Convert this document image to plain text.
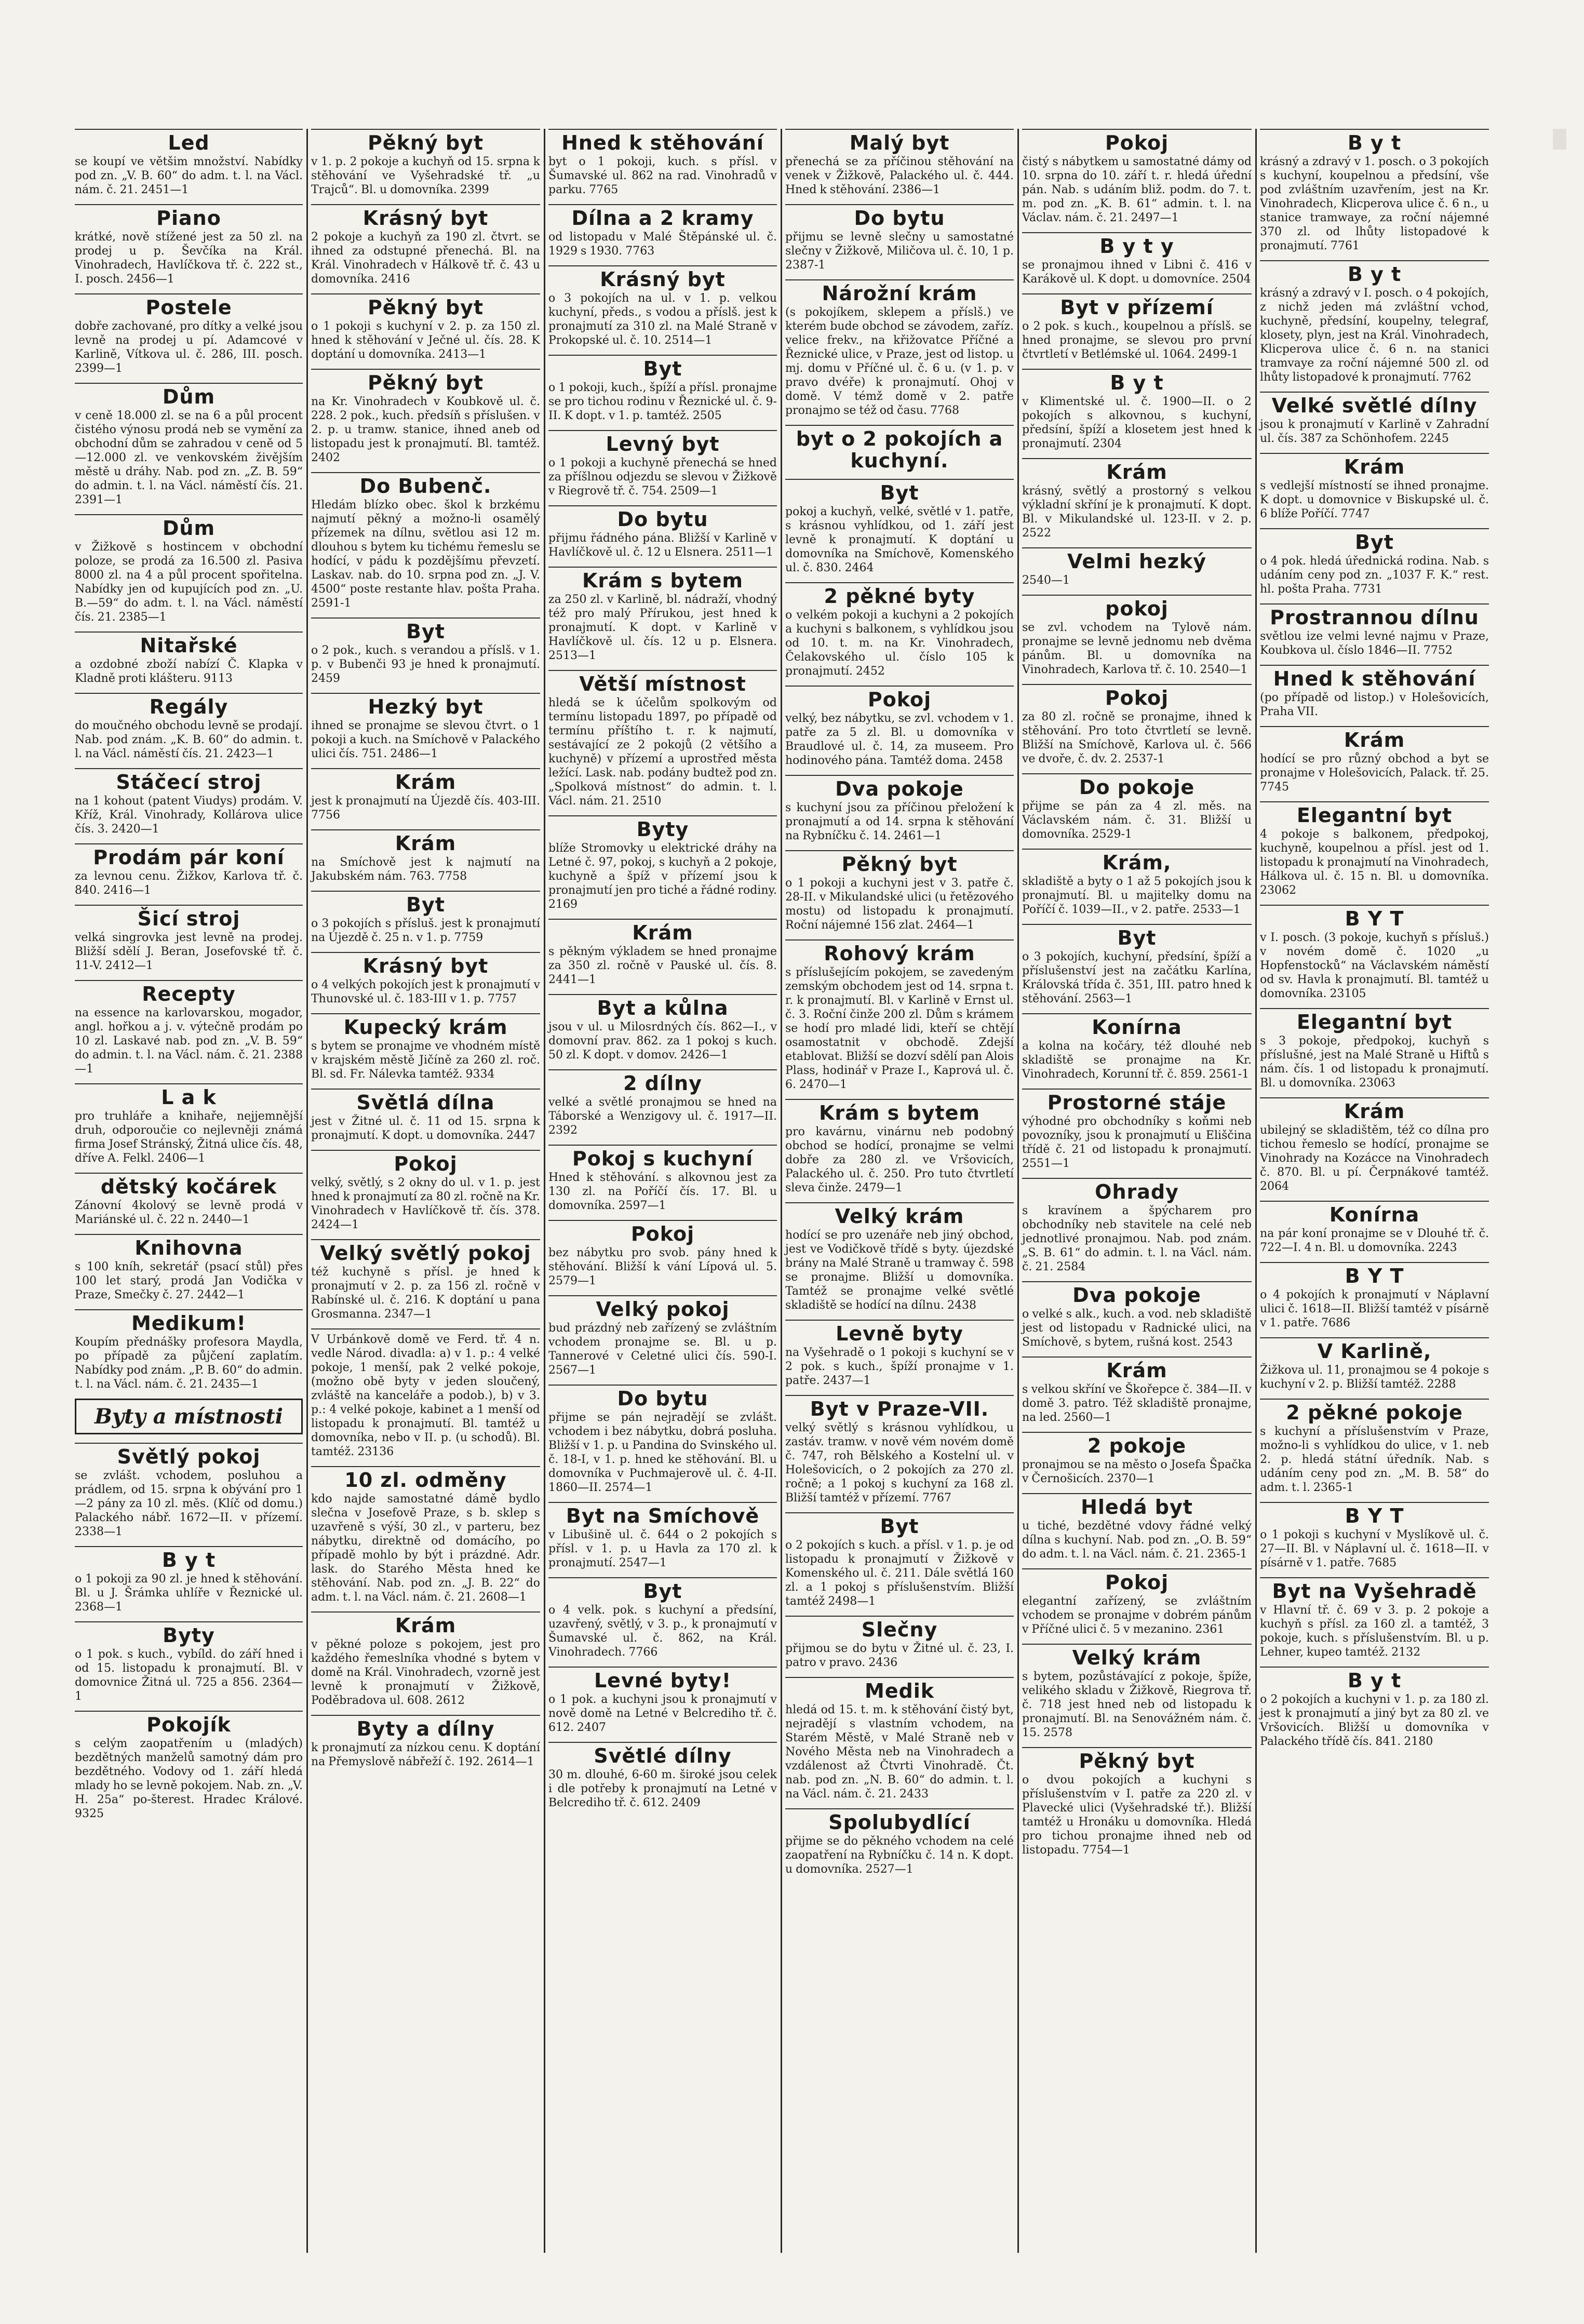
Led
se koupí ve většim množství. Nabídky pod zn. „V. B. 60“ do adm. t. l. na Václ. nám. č. 21. 2451—1
Piano
krátké, nově stížené jest za 50 zl. na prodej u p. Ševčíka na Král. Vinohradech, Havlíčkova tř. č. 222 st., I. posch. 2456—1
Postele
dobře zachované, pro dítky a velké jsou levně na prodej u pí. Adamcové v Karlině, Vítkova ul. č. 286, III. posch. 2399—1
Dům
v ceně 18.000 zl. se na 6 a půl procent čistého výnosu prodá neb se vymění za obchodní dům se zahradou v ceně od 5—12.000 zl. ve venkovském živějším městě u dráhy. Nab. pod zn. „Z. B. 59“ do admin. t. l. na Václ. náměstí čís. 21. 2391—1
Dům
v Žižkově s hostincem v obchodní poloze, se prodá za 16.500 zl. Pasiva 8000 zl. na 4 a půl procent spořitelna. Nabídky jen od kupujících pod zn. „U. B.—59“ do adm. t. l. na Václ. náměstí čís. 21. 2385—1
Nitařské
a ozdobné zboží nabízí Č. Klapka v Kladně proti klášteru. 9113
Regály
do moučného obchodu levně se prodají. Nab. pod znám. „K. B. 60“ do admin. t. l. na Václ. náměstí čís. 21. 2423—1
Stáčecí stroj
na 1 kohout (patent Viudys) prodám. V. Kříž, Král. Vinohrady, Kollárova ulice čís. 3. 2420—1
Prodám pár koní
za levnou cenu. Žižkov, Karlova tř. č. 840. 2416—1
Šicí stroj
velká singrovka jest levně na prodej. Bližší sdělí J. Beran, Josefovské tř. č. 11-V. 2412—1
Recepty
na essence na karlovarskou, mogador, angl. hořkou a j. v. výtečně prodám po 10 zl. Laskavé nab. pod zn. „V. B. 59“ do admin. t. l. na Václ. nám. č. 21. 2388—1
L a k
pro truhláře a knihaře, nejjemnější druh, odporoučie co nejlevněji známá firma Josef Stránský, Žitná ulice čís. 48, dříve A. Felkl. 2406—1
dětský kočárek
Zánovní 4kolový se levně prodá v Mariánské ul. č. 22 n. 2440—1
Knihovna
s 100 kníh, sekretář (psací stůl) přes 100 let starý, prodá Jan Vodička v Praze, Smečky č. 27. 2442—1
Medikum!
Koupím přednášky profesora Maydla, po případě za půjčení zaplatím. Nabídky pod znám. „P. B. 60“ do admin. t. l. na Václ. nám. č. 21. 2435—1
Byty a místnosti
Světlý pokoj
se zvlášt. vchodem, posluhou a prádlem, od 15. srpna k obývání pro 1—2 pány za 10 zl. měs. (Klíč od domu.) Palackého nábř. 1672—II. v přízemí. 2338—1
B y t
o 1 pokoji za 90 zl. je hned k stěhování. Bl. u J. Šrámka uhlíře v Řeznické ul. 2368—1
Byty
o 1 pok. s kuch., vybíld. do září hned i od 15. listopadu k pronajmutí. Bl. v domovnice Žitná ul. 725 a 856. 2364—1
Pokojík
s celým zaopatřením u (mladých) bezdětných manželů samotný dám pro bezdětného. Vodovy od 1. září hledá mlady ho se levně pokojem. Nab. zn. „V. H. 25a“ po-šterest. Hradec Králové. 9325
Pěkný byt
v 1. p. 2 pokoje a kuchyň od 15. srpna k stěhování ve Vyšehradské tř. „u Trajců“. Bl. u domovníka. 2399
Krásný byt
2 pokoje a kuchyň za 190 zl. čtvrt. se ihned za odstupné přenechá. Bl. na Král. Vinohradech v Hálkově tř. č. 43 u domovníka. 2416
Pěkný byt
o 1 pokoji s kuchyní v 2. p. za 150 zl. hned k stěhování v Ječné ul. čís. 28. K doptání u domovníka. 2413—1
Pěkný byt
na Kr. Vinohradech v Koubkově ul. č. 228. 2 pok., kuch. předsíň s příslušen. v 2. p. u tramw. stanice, ihned aneb od listopadu jest k pronajmutí. Bl. tamtéž. 2402
Do Bubenč.
Hledám blízko obec. škol k brzkému najmutí pěkný a možno-li osamělý přízemek na dílnu, světlou asi 12 m. dlouhou s bytem ku tichému řemeslu se hodící, v pádu k pozdějšímu převzetí. Laskav. nab. do 10. srpna pod zn. „J. V. 4500“ poste restante hlav. pošta Praha. 2591-1
Byt
o 2 pok., kuch. s verandou a příslš. v 1. p. v Bubenči 93 je hned k pronajmutí. 2459
Hezký byt
ihned se pronajme se slevou čtvrt. o 1 pokoji a kuch. na Smíchově v Palackého ulici čís. 751. 2486—1
Krám
jest k pronajmutí na Újezdě čís. 403-III. 7756
Krám
na Smíchově jest k najmutí na Jakubském nám. 763. 7758
Byt
o 3 pokojích s přísluš. jest k pronajmutí na Újezdě č. 25 n. v 1. p. 7759
Krásný byt
o 4 velkých pokojích jest k pronajmutí v Thunovské ul. č. 183-III v 1. p. 7757
Kupecký krám
s bytem se pronajme ve vhodném místě v krajském městě Jičíně za 260 zl. roč. Bl. sd. Fr. Nálevka tamtéž. 9334
Světlá dílna
jest v Žitné ul. č. 11 od 15. srpna k pronajmutí. K dopt. u domovníka. 2447
Pokoj
velký, světlý, s 2 okny do ul. v 1. p. jest hned k pronajmutí za 80 zl. ročně na Kr. Vinohradech v Havlíčkově tř. čís. 378. 2424—1
Velký světlý pokoj
též kuchyně s přísl. je hned k pronajmutí v 2. p. za 156 zl. ročně v Rabínské ul. č. 216. K doptání u pana Grosmanna. 2347—1
V Urbánkově domě ve Ferd. tř. 4 n. vedle Národ. divadla: a) v 1. p.: 4 velké pokoje, 1 menší, pak 2 velké pokoje, (možno obě byty v jeden sloučený, zvláště na kanceláře a podob.), b) v 3. p.: 4 velké pokoje, kabinet a 1 menší od listopadu k pronajmutí. Bl. tamtéž u domovníka, nebo v II. p. (u schodů). Bl. tamtéž. 23136
10 zl. odměny
kdo najde samostatné dámě bydlo slečna v Josefově Praze, s b. sklep s uzavřeně s výší, 30 zl., v parteru, bez nábytku, direktně od domácího, po případě mohlo by být i prázdné. Adr. lask. do Starého Města hned ke stěhování. Nab. pod zn. „J. B. 22“ do adm. t. l. na Václ. nám. č. 21. 2608—1
Krám
v pěkné poloze s pokojem, jest pro každého řemeslníka vhodné s bytem v domě na Král. Vinohradech, vzorně jest levně k pronajmutí v Žižkově, Poděbradova ul. 608. 2612
Byty a dílny
k pronajmutí za nízkou cenu. K doptání na Přemyslově nábřeží č. 192. 2614—1
Hned k stěhování
byt o 1 pokoji, kuch. s přísl. v Šumavské ul. 862 na rad. Vinohradů v parku. 7765
Dílna a 2 kramy
od listopadu v Malé Štěpánské ul. č. 1929 s 1930. 7763
Krásný byt
o 3 pokojích na ul. v 1. p. velkou kuchyní, předs., s vodou a příslš. jest k pronajmutí za 310 zl. na Malé Straně v Prokopské ul. č. 10. 2514—1
Byt
o 1 pokoji, kuch., špíží a přísl. pronajme se pro tichou rodinu v Řeznické ul. č. 9-II. K dopt. v 1. p. tamtéž. 2505
Levný byt
o 1 pokoji a kuchyně přenechá se hned za příšlnou odjezdu se slevou v Žižkově v Riegrově tř. č. 754. 2509—1
Do bytu
přijmu řádného pána. Bližší v Karlině v Havlíčkově ul. č. 12 u Elsnera. 2511—1
Krám s bytem
za 250 zl. v Karlině, bl. nádraží, vhodný též pro malý Přírukou, jest hned k pronajmutí. K dopt. v Karlině v Havlíčkově ul. čís. 12 u p. Elsnera. 2513—1
Větší místnost
hledá se k účelům spolkovým od termínu listopadu 1897, po případě od termínu příštího t. r. k najmutí, sestávající ze 2 pokojů (2 většího a kuchyně) v přízemí a uprostřed města ležící. Lask. nab. podány budtež pod zn. „Spolková místnost“ do admin. t. l. Václ. nám. 21. 2510
Byty
blíže Stromovky u elektrické dráhy na Letné č. 97, pokoj, s kuchyň a 2 pokoje, kuchyně a špíž v přízemí jsou k pronajmutí jen pro tiché a řádné rodiny. 2169
Krám
s pěkným výkladem se hned pronajme za 350 zl. ročně v Pauské ul. čís. 8. 2441—1
Byt a kůlna
jsou v ul. u Milosrdných čís. 862—I., v domovní prav. 862. za 1 pokoj s kuch. 50 zl. K dopt. v domov. 2426—1
2 dílny
velké a světlé pronajmou se hned na Táborské a Wenzigovy ul. č. 1917—II. 2392
Pokoj s kuchyní
Hned k stěhování. s alkovnou jest za 130 zl. na Poříčí čís. 17. Bl. u domovníka. 2597—1
Pokoj
bez nábytku pro svob. pány hned k stěhování. Bližší k vání Lípová ul. 5. 2579—1
Velký pokoj
bud prázdný neb zařízený se zvláštním vchodem pronajme se. Bl. u p. Tannerové v Celetné ulici čís. 590-I. 2567—1
Do bytu
přijme se pán nejradějí se zvlášt. vchodem i bez nábytku, dobrá posluha. Bližší v 1. p. u Pandina do Svinského ul. č. 18-I, v 1. p. hned ke stěhování. Bl. u domovníka v Puchmajerově ul. č. 4-II. 1860—II. 2574—1
Byt na Smíchově
v Libušině ul. č. 644 o 2 pokojích s přísl. v 1. p. u Havla za 170 zl. k pronajmutí. 2547—1
Byt
o 4 velk. pok. s kuchyní a předsíní, uzavřený, světlý, v 3. p., k pronajmutí v Šumavské ul. č. 862, na Král. Vinohradech. 7766
Levné byty!
o 1 pok. a kuchyni jsou k pronajmutí v nově domě na Letné v Belcrediho tř. č. 612. 2407
Světlé dílny
30 m. dlouhé, 6-60 m. široké jsou celek i dle potřeby k pronajmutí na Letné v Belcrediho tř. č. 612. 2409
Malý byt
přenechá se za příčinou stěhování na venek v Žižkově, Palackého ul. č. 444. Hned k stěhování. 2386—1
Do bytu
přijmu se levně slečny u samostatné slečny v Žižkově, Miličova ul. č. 10, 1 p. 2387-1
Nárožní krám
(s pokojíkem, sklepem a příslš.) ve kterém bude obchod se závodem, zaříz. velice frekv., na křižovatce Příčné a Řeznické ulice, v Praze, jest od listop. u mj. domu v Příčné ul. č. 6 u. (v 1. p. v pravo dvéře) k pronajmutí. Ohoj v domě. V témž domě v 2. patře pronajmo se též od času. 7768
byt o 2 pokojích a kuchyní.
Byt
pokoj a kuchyň, velké, světlé v 1. patře, s krásnou vyhlídkou, od 1. září jest levně k pronajmutí. K doptání u domovníka na Smíchově, Komenského ul. č. 830. 2464
2 pěkné byty
o velkém pokoji a kuchyni a 2 pokojích a kuchyni s balkonem, s vyhlídkou jsou od 10. t. m. na Kr. Vinohradech, Čelakovského ul. číslo 105 k pronajmutí. 2452
Pokoj
velký, bez nábytku, se zvl. vchodem v 1. patře za 5 zl. Bl. u domovníka v Braudlové ul. č. 14, za museem. Pro hodinového pána. Tamtéž doma. 2458
Dva pokoje
s kuchyní jsou za příčinou přeložení k pronajmutí a od 14. srpna k stěhování na Rybníčku č. 14. 2461—1
Pěkný byt
o 1 pokoji a kuchyni jest v 3. patře č. 28-II. v Mikulandské ulici (u řetězového mostu) od listopadu k pronajmutí. Roční nájemné 156 zlat. 2464—1
Rohový krám
s příslušejícím pokojem, se zavedeným zemským obchodem jest od 14. srpna t. r. k pronajmutí. Bl. v Karlině v Ernst ul. č. 3. Roční činže 200 zl. Dům s krámem se hodí pro mladé lidi, kteří se chtějí osamostatnit v obchodě. Zdejší etablovat. Bližší se dozví sdělí pan Alois Plass, hodinář v Praze I., Kaprová ul. č. 6. 2470—1
Krám s bytem
pro kavárnu, vinárnu neb podobný obchod se hodící, pronajme se velmi dobře za 280 zl. ve Vršovicích, Palackého ul. č. 250. Pro tuto čtvrtletí sleva činže. 2479—1
Velký krám
hodící se pro uzenáře neb jiný obchod, jest ve Vodičkově třídě s byty. újezdské brány na Malé Straně u tramway č. 598 se pronajme. Bližší u domovníka. Tamtéž se pronajme velké světlé skladiště se hodící na dílnu. 2438
Levně byty
na Vyšehradě o 1 pokoji s kuchyní se v 2 pok. s kuch., špíží pronajme v 1. patře. 2437—1
Byt v Praze-VII.
velký světlý s krásnou vyhlídkou, u zastáv. tramw. v nově vém novém domě č. 747, roh Bělského a Kostelní ul. v Holešovicích, o 2 pokojích za 270 zl. ročně; a 1 pokoj s kuchyní za 168 zl. Bližší tamtéž v přízemí. 7767
Byt
o 2 pokojích s kuch. a přísl. v 1. p. je od listopadu k pronajmutí v Žižkově v Komenského ul. č. 211. Dále světlá 160 zl. a 1 pokoj s příslušenstvím. Bližší tamtéž 2498—1
Slečny
přijmou se do bytu v Žitné ul. č. 23, I. patro v pravo. 2436
Medik
hledá od 15. t. m. k stěhování čistý byt, nejradějí s vlastním vchodem, na Starém Městě, v Malé Straně neb v Nového Města neb na Vinohradech a vzdálenost až Čtvrti Vinohradě. Čt. nab. pod zn. „N. B. 60“ do admin. t. l. na Václ. nám. č. 21. 2433
Spolubydlící
přijme se do pěkného vchodem na celé zaopatření na Rybníčku č. 14 n. K dopt. u domovníka. 2527—1
Pokoj
čistý s nábytkem u samostatné dámy od 10. srpna do 10. září t. r. hledá úřední pán. Nab. s udáním bliž. podm. do 7. t. m. pod zn. „K. B. 61“ admin. t. l. na Václav. nám. č. 21. 2497—1
B y t y
se pronajmou ihned v Libni č. 416 v Karákově ul. K dopt. u domovníce. 2504
Byt v přízemí
o 2 pok. s kuch., koupelnou a příslš. se hned pronajme, se slevou pro první čtvrtletí v Betlémské ul. 1064. 2499-1
B y t
v Klimentské ul. č. 1900—II. o 2 pokojích s alkovnou, s kuchyní, předsíní, špíží a klosetem jest hned k pronajmutí. 2304
Krám
krásný, světlý a prostorný s velkou výkladní skříní je k pronajmutí. K dopt. Bl. v Mikulandské ul. 123-II. v 2. p. 2522
Velmi hezký
2540—1
pokoj
se zvl. vchodem na Tylově nám. pronajme se levně jednomu neb dvěma pánům. Bl. u domovníka na Vinohradech, Karlova tř. č. 10. 2540—1
Pokoj
za 80 zl. ročně se pronajme, ihned k stěhování. Pro toto čtvrtletí se levně. Bližší na Smíchově, Karlova ul. č. 566 ve dvoře, č. dv. 2. 2537-1
Do pokoje
přijme se pán za 4 zl. měs. na Václavském nám. č. 31. Bližší u domovníka. 2529-1
Krám,
skladiště a byty o 1 až 5 pokojích jsou k pronajmutí. Bl. u majitelky domu na Poříčí č. 1039—II., v 2. patře. 2533—1
Byt
o 3 pokojích, kuchyní, předsíní, špíží a příslušenství jest na začátku Karlína, Královská třída č. 351, III. patro hned k stěhování. 2563—1
Konírna
a kolna na kočáry, též dlouhé neb skladiště se pronajme na Kr. Vinohradech, Korunní tř. č. 859. 2561-1
Prostorné stáje
výhodné pro obchodníky s koňmi neb povozníky, jsou k pronajmutí u Eliščina třídě č. 21 od listopadu k pronajmutí. 2551—1
Ohrady
s kravínem a špýcharem pro obchodníky neb stavitele na celé neb jednotlivé pronajmou. Nab. pod znám. „S. B. 61“ do admin. t. l. na Václ. nám. č. 21. 2584
Dva pokoje
o velké s alk., kuch. a vod. neb skladiště jest od listopadu v Radnické ulici, na Smíchově, s bytem, rušná kost. 2543
Krám
s velkou skříní ve Škořepce č. 384—II. v domě 3. patro. Též skladiště pronajme, na led. 2560—1
2 pokoje
pronajmou se na město o Josefa Špačka v Černošicích. 2370—1
Hledá byt
u tiché, bezdětné vdovy řádné velký dílna s kuchyní. Nab. pod zn. „O. B. 59“ do adm. t. l. na Václ. nám. č. 21. 2365-1
Pokoj
elegantní zařízený, se zvláštním vchodem se pronajme v dobrém pánům v Příčné ulici č. 5 v mezanino. 2361
Velký krám
s bytem, pozůstávající z pokoje, špíže, velikého skladu v Žižkově, Riegrova tř. č. 718 jest hned neb od listopadu k pronajmutí. Bl. na Senovážném nám. č. 15. 2578
Pěkný byt
o dvou pokojích a kuchyni s příslušenstvím v I. patře za 220 zl. v Plavecké ulici (Vyšehradské tř.). Bližší tamtéž u Hronáku u domovníka. Hledá pro tichou pronajme ihned neb od listopadu. 7754—1
B y t
krásný a zdravý v 1. posch. o 3 pokojích s kuchyní, koupelnou a předsíní, vše pod zvláštním uzavřením, jest na Kr. Vinohradech, Klicperova ulice č. 6 n., u stanice tramwaye, za roční nájemné 370 zl. od lhůty listopadové k pronajmutí. 7761
B y t
krásný a zdravý v I. posch. o 4 pokojích, z nichž jeden má zvláštní vchod, kuchyně, předsíní, koupelny, telegraf, klosety, plyn, jest na Král. Vinohradech, Klicperova ulice č. 6 n. na stanici tramvaye za roční nájemné 500 zl. od lhůty listopadové k pronajmutí. 7762
Velké světlé dílny
jsou k pronajmutí v Karlině v Zahradní ul. čís. 387 za Schönhofem. 2245
Krám
s vedlejší místností se ihned pronajme. K dopt. u domovnice v Biskupské ul. č. 6 blíže Poříčí. 7747
Byt
o 4 pok. hledá úřednická rodina. Nab. s udáním ceny pod zn. „1037 F. K.“ rest. hl. pošta Praha. 7731
Prostrannou dílnu
světlou ize velmi levné najmu v Praze, Koubkova ul. číslo 1846—II. 7752
Hned k stěhování
(po případě od listop.) v Holešovicích, Praha VII.
Krám
hodící se pro různý obchod a byt se pronajme v Holešovicích, Palack. tř. 25. 7745
Elegantní byt
4 pokoje s balkonem, předpokoj, kuchyně, koupelnou a přísl. jest od 1. listopadu k pronajmutí na Vinohradech, Hálkova ul. č. 15 n. Bl. u domovníka. 23062
B Y T
v I. posch. (3 pokoje, kuchyň s přísluš.) v novém domě č. 1020 „u Hopfenstocků“ na Václavském náměstí od sv. Havla k pronajmutí. Bl. tamtéž u domovníka. 23105
Elegantní byt
s 3 pokoje, předpokoj, kuchyň s příslušné, jest na Malé Straně u Hiftů s nám. čís. 1 od listopadu k pronajmutí. Bl. u domovníka. 23063
Krám
ubilejný se skladištěm, též co dílna pro tichou řemeslo se hodící, pronajme se Vinohrady na Kozácce na Vinohradech č. 870. Bl. u pí. Čerpnákové tamtéž. 2064
Konírna
na pár koní pronajme se v Dlouhé tř. č. 722—I. 4 n. Bl. u domovníka. 2243
B Y T
o 4 pokojích k pronajmutí v Náplavní ulici č. 1618—II. Bližší tamtéž v písárně v 1. patře. 7686
V Karlině,
Žižkova ul. 11, pronajmou se 4 pokoje s kuchyní v 2. p. Bližší tamtéž. 2288
2 pěkné pokoje
s kuchyní a příslušenstvím v Praze, možno-li s vyhlídkou do ulice, v 1. neb 2. p. hledá státní úředník. Nab. s udáním ceny pod zn. „M. B. 58“ do adm. t. l. 2365-1
B Y T
o 1 pokoji s kuchyní v Myslíkově ul. č. 27—II. Bl. v Náplavní ul. č. 1618—II. v písárně v 1. patře. 7685
Byt na Vyšehradě
v Hlavní tř. č. 69 v 3. p. 2 pokoje a kuchyň s přísl. za 160 zl. a tamtéž, 3 pokoje, kuch. s příslušenstvím. Bl. u p. Lehner, kupeo tamtéž. 2132
B y t
o 2 pokojích a kuchyni v 1. p. za 180 zl. jest k pronajmutí a jiný byt za 80 zl. ve Vršovicích. Bližší u domovníka v Palackého třídě čís. 841. 2180
